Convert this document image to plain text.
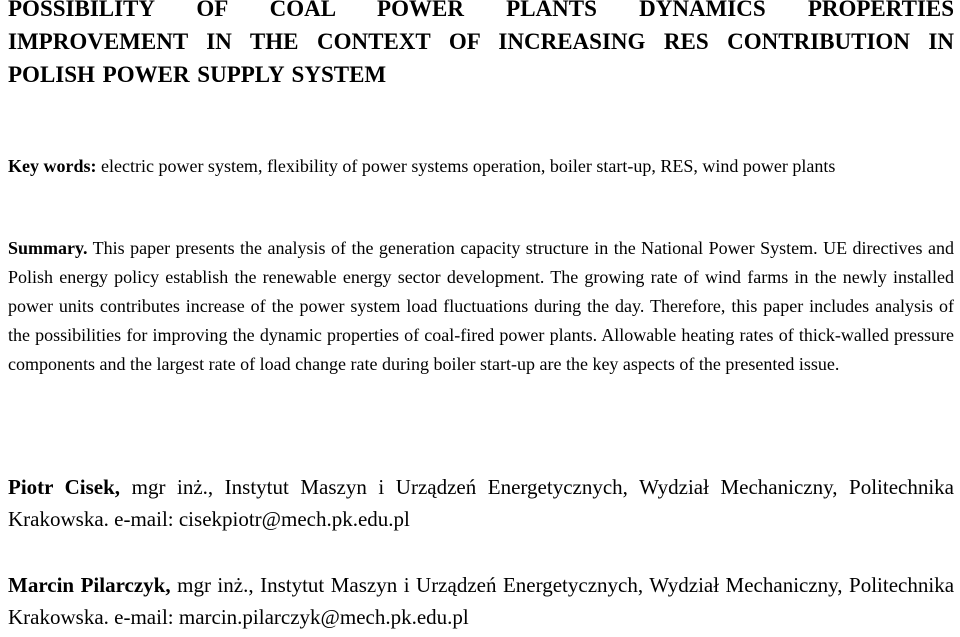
POSSIBILITY OF COAL POWER PLANTS DYNAMICS PROPERTIES
IMPROVEMENT IN THE CONTEXT OF INCREASING RES CONTRIBUTION IN
POLISH POWER SUPPLY SYSTEM
Key words: electric power system, flexibility of power systems operation, boiler start-up, RES, wind power plants
Summary. This paper presents the analysis of the generation capacity structure in the National Power System. UE directives and Polish energy policy establish the renewable energy sector development. The growing rate of wind farms in the newly installed power units contributes increase of the power system load fluctuations during the day. Therefore, this paper includes analysis of the possibilities for improving the dynamic properties of coal-fired power plants. Allowable heating rates of thick-walled pressure components and the largest rate of load change rate during boiler start-up are the key aspects of the presented issue.
Piotr Cisek, mgr inż., Instytut Maszyn i Urządzeń Energetycznych, Wydział Mechaniczny, Politechnika Krakowska. e-mail: cisekpiotr@mech.pk.edu.pl
Marcin Pilarczyk, mgr inż., Instytut Maszyn i Urządzeń Energetycznych, Wydział Mechaniczny, Politechnika Krakowska. e-mail: marcin.pilarczyk@mech.pk.edu.pl
